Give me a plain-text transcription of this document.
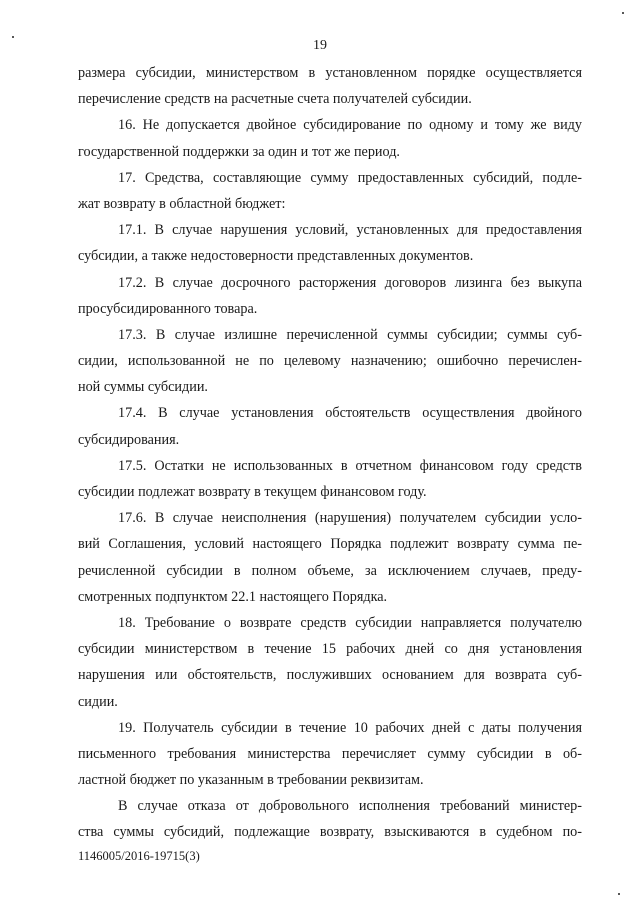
19
размера субсидии, министерством в установленном порядке осуществляется
перечисление средств на расчетные счета получателей субсидии.
16. Не допускается двойное субсидирование по одному и тому же виду
государственной поддержки за один и тот же период.
17. Средства, составляющие сумму предоставленных субсидий, подле-
жат возврату в областной бюджет:
17.1. В случае нарушения условий, установленных для предоставления
субсидии, а также недостоверности представленных документов.
17.2. В случае досрочного расторжения договоров лизинга без выкупа
просубсидированного товара.
17.3. В случае излишне перечисленной суммы субсидии; суммы суб-
сидии, использованной не по целевому назначению; ошибочно перечислен-
ной суммы субсидии.
17.4. В случае установления обстоятельств осуществления двойного
субсидирования.
17.5. Остатки не использованных в отчетном финансовом году средств
субсидии подлежат возврату в текущем финансовом году.
17.6. В случае неисполнения (нарушения) получателем субсидии усло-
вий Соглашения, условий настоящего Порядка подлежит возврату сумма пе-
речисленной субсидии в полном объеме, за исключением случаев, преду-
смотренных подпунктом 22.1 настоящего Порядка.
18. Требование о возврате средств субсидии направляется получателю
субсидии министерством в течение 15 рабочих дней со дня установления
нарушения или обстоятельств, послуживших основанием для возврата суб-
сидии.
19. Получатель субсидии в течение 10 рабочих дней с даты получения
письменного требования министерства перечисляет сумму субсидии в об-
ластной бюджет по указанным в требовании реквизитам.
В случае отказа от добровольного исполнения требований министер-
ства суммы субсидий, подлежащие возврату, взыскиваются в судебном по-
1146005/2016-19715(3)
